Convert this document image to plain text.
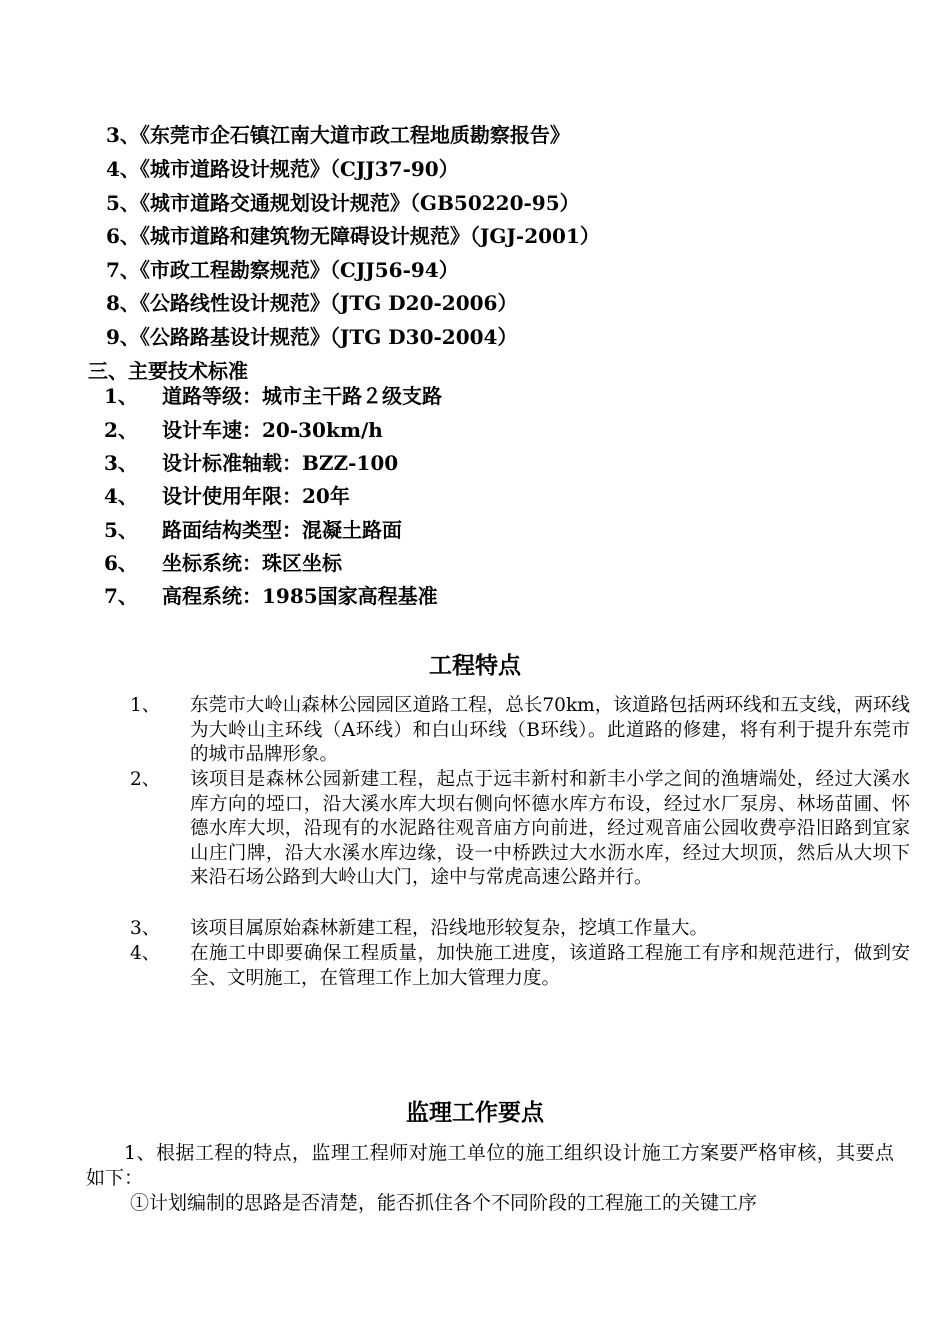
3、《东莞市企石镇江南大道市政工程地质勘察报告》
4、《城市道路设计规范》（CJJ37-90）
5、《城市道路交通规划设计规范》（GB50220-95）
6、《城市道路和建筑物无障碍设计规范》（JGJ-2001）
7、《市政工程勘察规范》（CJJ56-94）
8、《公路线性设计规范》（JTG D20-2006）
9、《公路路基设计规范》（JTG D30-2004）
三、主要技术标准
1、 道路等级：城市主干路２级支路
2、 设计车速：20-30km/h
3、 设计标准轴载：BZZ-100
4、 设计使用年限：20年
5、 路面结构类型：混凝土路面
6、 坐标系统：珠区坐标
7、 高程系统：1985国家高程基准
工程特点
1、 东莞市大岭山森林公园园区道路工程，总长70km，该道路包括两环线和五支线，两环线为大岭山主环线（A环线）和白山环线（B环线）。此道路的修建，将有利于提升东莞市的城市品牌形象。
2、 该项目是森林公园新建工程，起点于远丰新村和新丰小学之间的渔塘端处，经过大溪水库方向的埡口，沿大溪水库大坝右侧向怀德水库方布设，经过水厂泵房、林场苗圃、怀德水库大坝，沿现有的水泥路往观音庙方向前进，经过观音庙公园收费亭沿旧路到宜家山庄门牌，沿大水溪水库边缘，设一中桥跌过大水沥水库，经过大坝顶，然后从大坝下来沿石场公路到大岭山大门，途中与常虎高速公路并行。
3、 该项目属原始森林新建工程，沿线地形较复杂，挖填工作量大。
4、 在施工中即要确保工程质量，加快施工进度，该道路工程施工有序和规范进行，做到安全、文明施工，在管理工作上加大管理力度。
监理工作要点
1、根据工程的特点，监理工程师对施工单位的施工组织设计施工方案要严格审核，其要点如下：
①计划编制的思路是否清楚，能否抓住各个不同阶段的工程施工的关键工序
